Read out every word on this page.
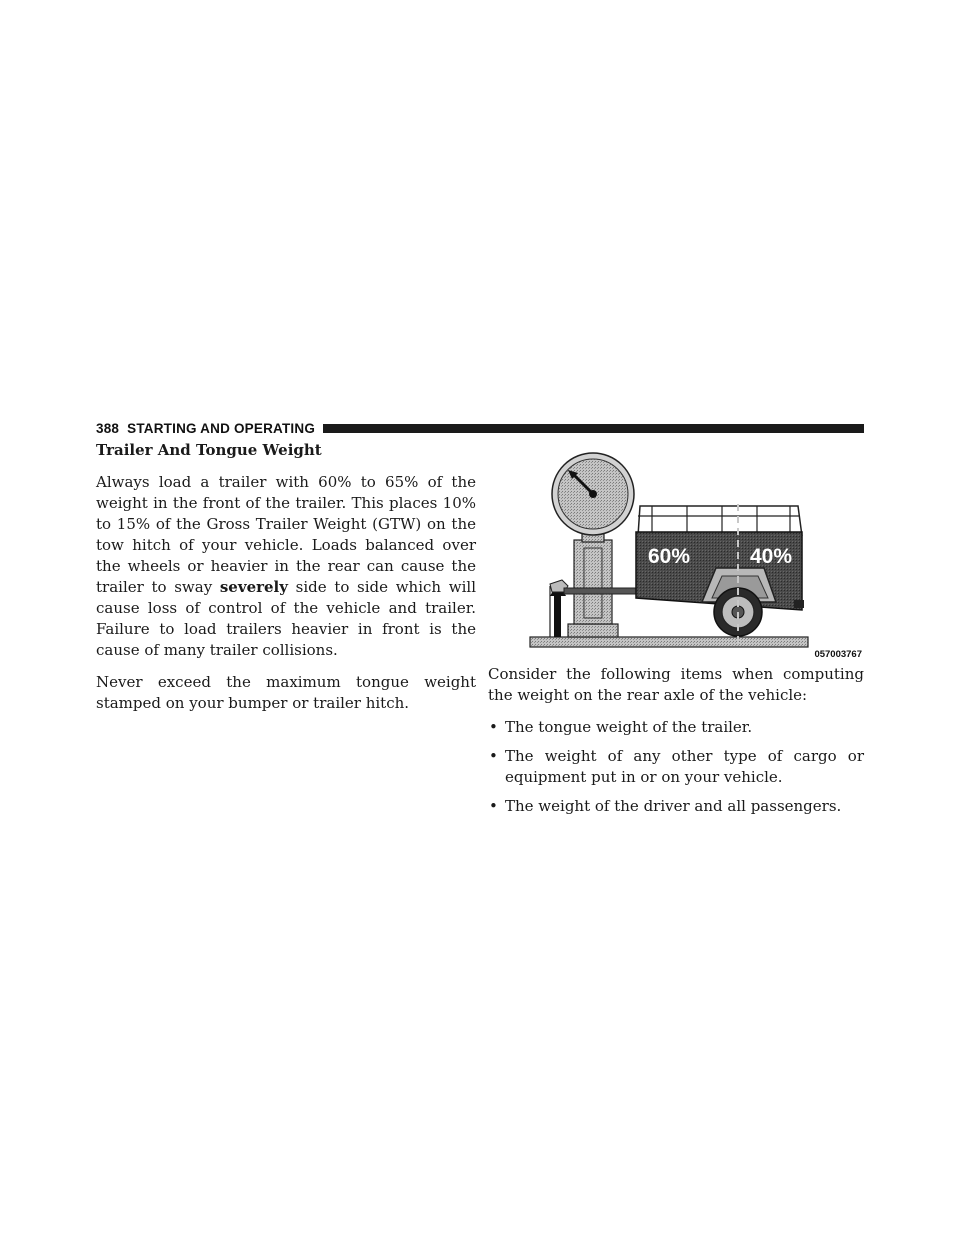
388 STARTING AND OPERATING
Trailer And Tongue Weight

Always load a trailer with 60% to 65% of the weight in the front of the trailer. This places 10% to 15% of the Gross Trailer Weight (GTW) on the tow hitch of your vehicle. Loads balanced over the wheels or heavier in the rear can cause the trailer to sway severely side to side which will cause loss of control of the vehicle and trailer. Failure to load trailers heavier in front is the cause of many trailer collisions.

Never exceed the maximum tongue weight stamped on your bumper or trailer hitch.

60%	40%
057003767

Consider the following items when computing the weight on the rear axle of the vehicle:

• The tongue weight of the trailer.
• The weight of any other type of cargo or equipment put in or on your vehicle.
• The weight of the driver and all passengers.
